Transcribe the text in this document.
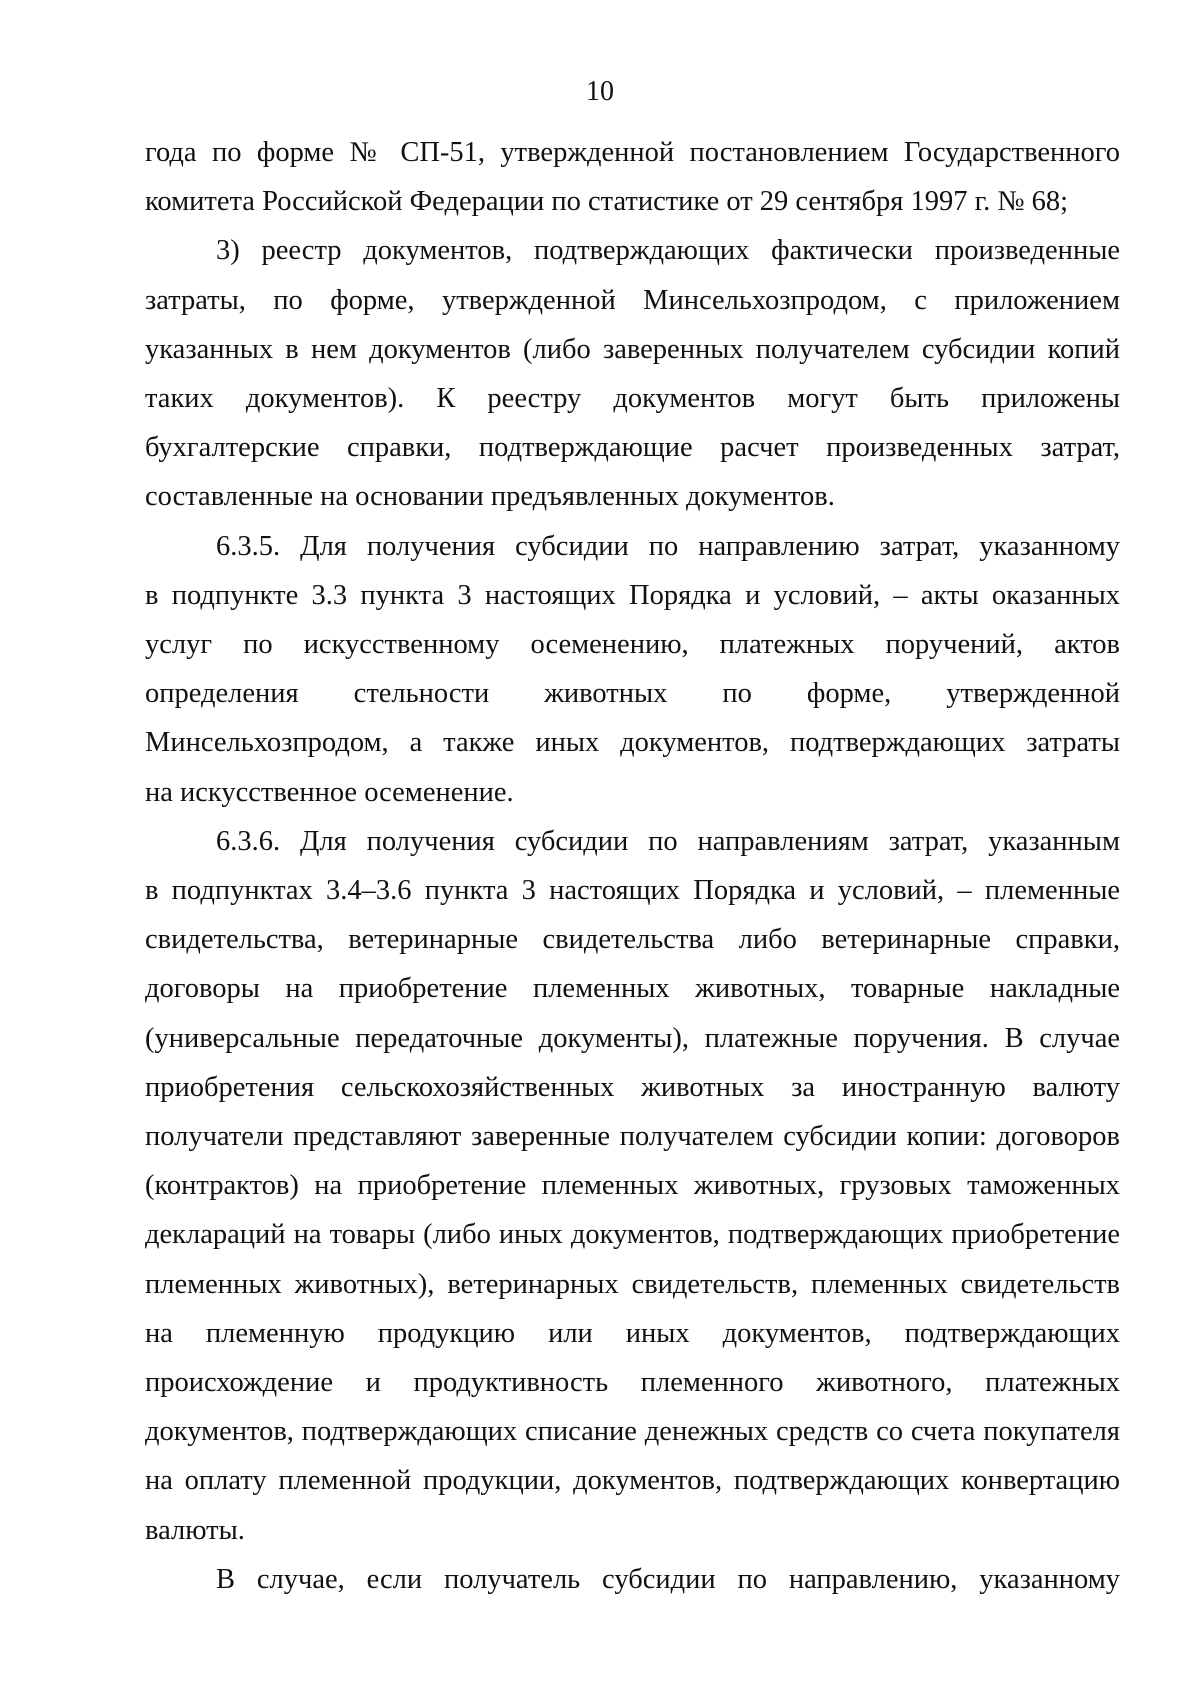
10

года по форме № СП-51, утвержденной постановлением Государственного
комитета Российской Федерации по статистике от 29 сентября 1997 г. № 68;

3) реестр документов, подтверждающих фактически произведенные
затраты, по форме, утвержденной Минсельхозпродом, с приложением
указанных в нем документов (либо заверенных получателем субсидии копий
таких документов). К реестру документов могут быть приложены
бухгалтерские справки, подтверждающие расчет произведенных затрат,
составленные на основании предъявленных документов.

6.3.5. Для получения субсидии по направлению затрат, указанному
в подпункте 3.3 пункта 3 настоящих Порядка и условий, – акты оказанных
услуг по искусственному осеменению, платежных поручений, актов
определения стельности животных по форме, утвержденной
Минсельхозпродом, а также иных документов, подтверждающих затраты
на искусственное осеменение.

6.3.6. Для получения субсидии по направлениям затрат, указанным
в подпунктах 3.4–3.6 пункта 3 настоящих Порядка и условий, – племенные
свидетельства, ветеринарные свидетельства либо ветеринарные справки,
договоры на приобретение племенных животных, товарные накладные
(универсальные передаточные документы), платежные поручения. В случае
приобретения сельскохозяйственных животных за иностранную валюту
получатели представляют заверенные получателем субсидии копии: договоров
(контрактов) на приобретение племенных животных, грузовых таможенных
деклараций на товары (либо иных документов, подтверждающих приобретение
племенных животных), ветеринарных свидетельств, племенных свидетельств
на племенную продукцию или иных документов, подтверждающих
происхождение и продуктивность племенного животного, платежных
документов, подтверждающих списание денежных средств со счета покупателя
на оплату племенной продукции, документов, подтверждающих конвертацию
валюты.

В случае, если получатель субсидии по направлению, указанному
